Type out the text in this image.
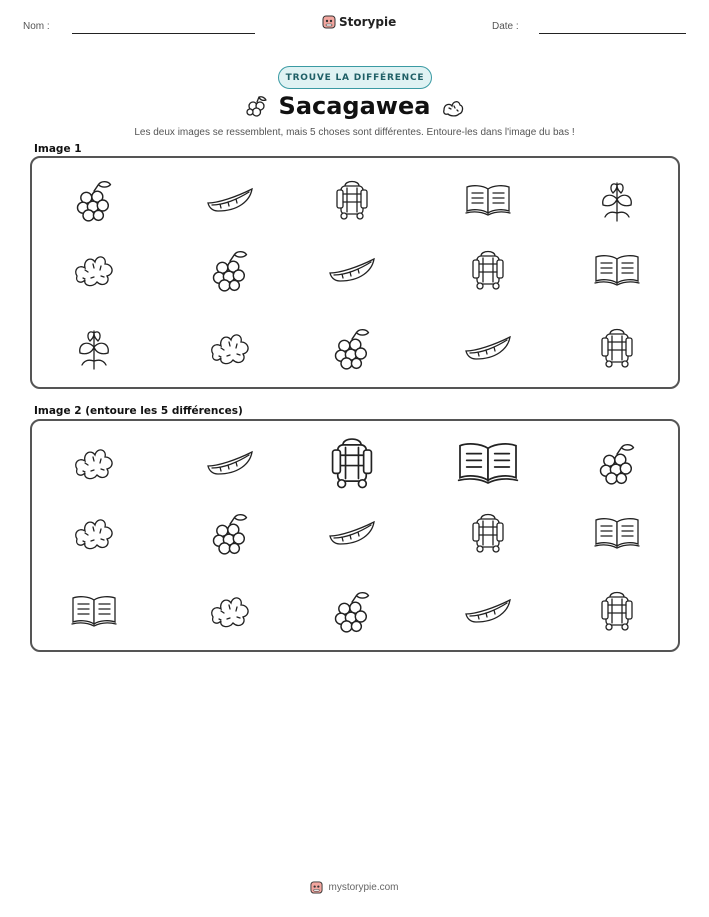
Nom :	Storypie	Date :
TROUVE LA DIFFÉRENCE
Sacagawea
Les deux images se ressemblent, mais 5 choses sont différentes. Entoure-les dans l'image du bas !
Image 1
Image 2 (entoure les 5 différences)
mystorypie.com
